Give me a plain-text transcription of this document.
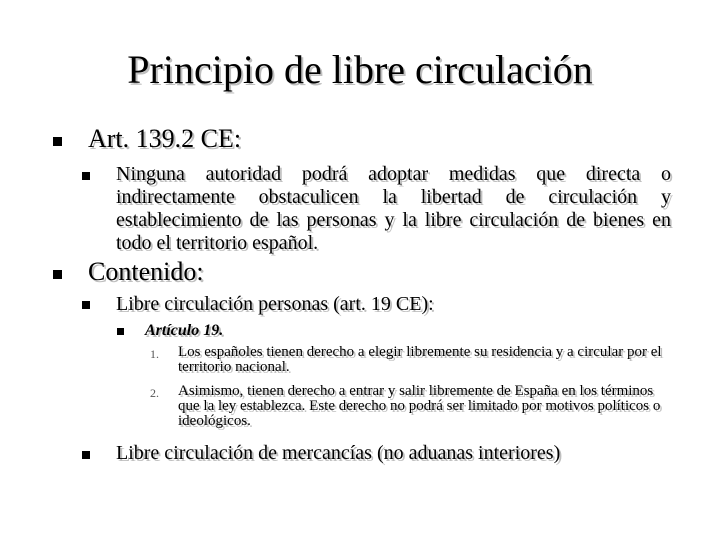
Principio de libre circulación
Art. 139.2 CE:
Ninguna autoridad podrá adoptar medidas que directa o indirectamente obstaculicen la libertad de circulación y establecimiento de las personas y la libre circulación de bienes en todo el territorio español.
Contenido:
Libre circulación personas (art. 19 CE):
Artículo 19.
1. Los españoles tienen derecho a elegir libremente su residencia y a circular por el territorio nacional.
2. Asimismo, tienen derecho a entrar y salir libremente de España en los términos que la ley establezca. Este derecho no podrá ser limitado por motivos políticos o ideológicos.
Libre circulación de mercancías (no aduanas interiores)
